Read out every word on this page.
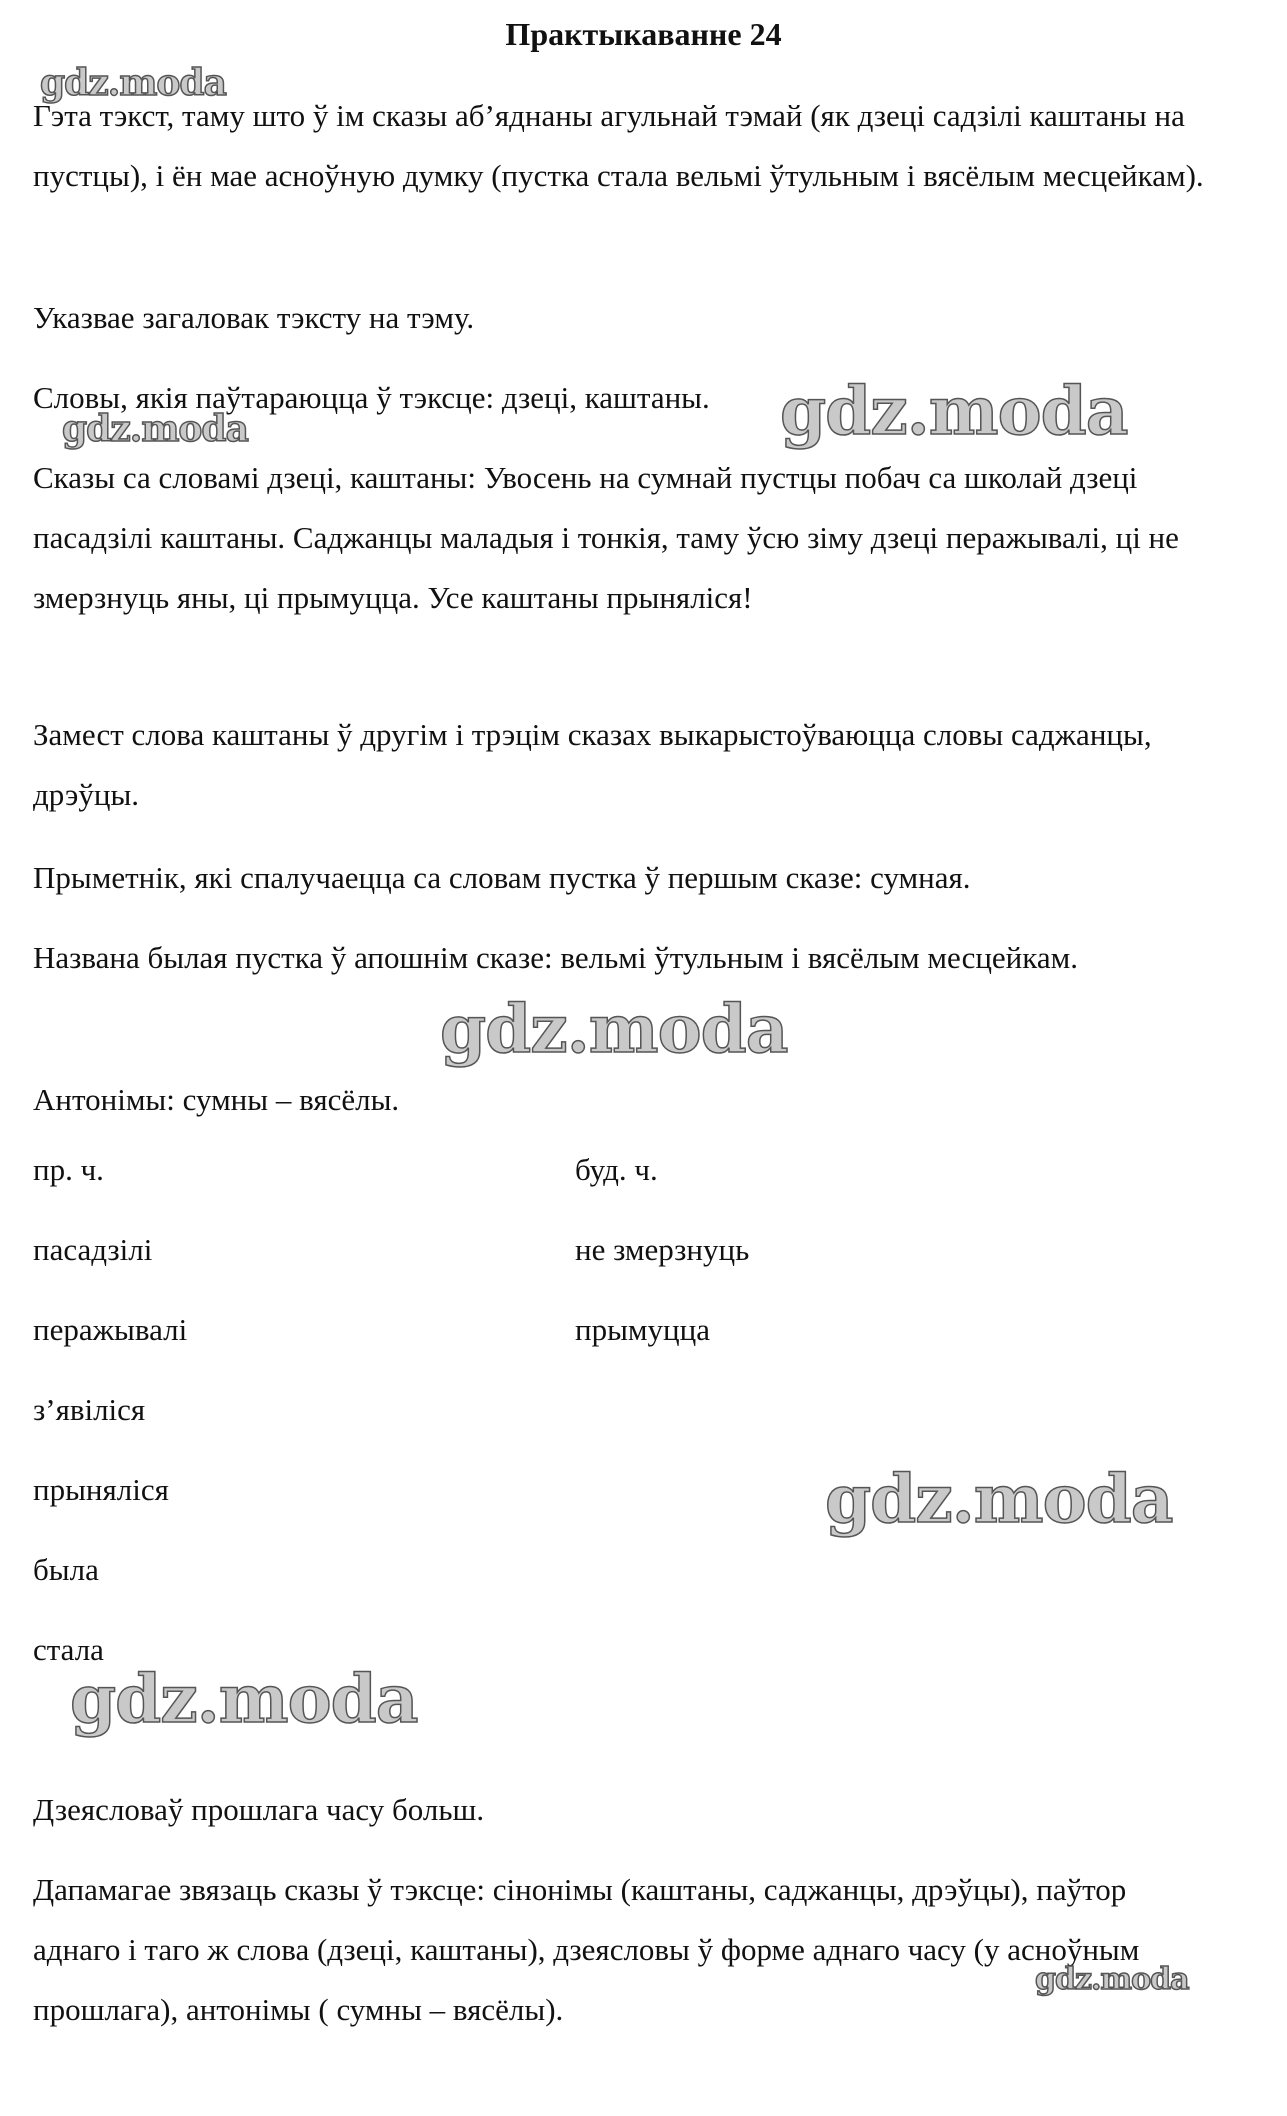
Практыкаванне 24

Гэта тэкст, таму што ў ім сказы аб’яднаны агульнай тэмай (як дзеці садзілі каштаны на пустцы), і ён мае асноўную думку (пустка стала вельмі ўтульным і вясёлым месцейкам).

Указвае загаловак тэксту на тэму.

Словы, якія паўтараюцца ў тэксце: дзеці, каштаны.

Сказы са словамі дзеці, каштаны: Увосень на сумнай пустцы побач са школай дзеці пасадзілі каштаны. Саджанцы маладыя і тонкія, таму ўсю зіму дзеці перажывалі, ці не змерзнуць яны, ці прымуцца. Усе каштаны прыняліся!

Замест слова каштаны ў другім і трэцім сказах выкарыстоўваюцца словы саджанцы, дрэўцы.

Прыметнік, які спалучаецца са словам пустка ў першым сказе: сумная.

Названа былая пустка ў апошнім сказе: вельмі ўтульным і вясёлым месцейкам.

Антонімы: сумны – вясёлы.

пр. ч.	буд. ч.
пасадзілі
перажывалі
з’явіліся
прыняліся
была
стала
не змерзнуць
прымуцца

Дзеясловаў прошлага часу больш.

Дапамагае звязаць сказы ў тэксце: сінонімы (каштаны, саджанцы, дрэўцы), паўтор аднаго і таго ж слова (дзеці, каштаны), дзеясловы ў форме аднаго часу (у асноўным прошлага), антонімы ( сумны – вясёлы).

gdz.moda
gdz.moda	gdz.moda
gdz.moda
gdz.moda
gdz.moda
gdz.moda
